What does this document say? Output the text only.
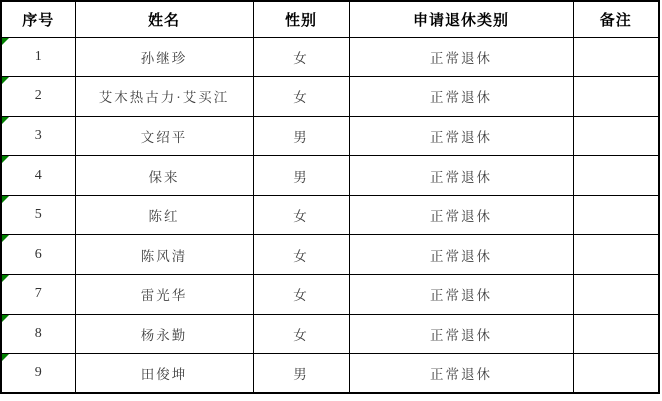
序号	姓名	性别	申请退休类别	备注

1	孙继珍	女	正常退休	

2	艾木热古力·艾买江	女	正常退休	

3	文绍平	男	正常退休	

4	保来	男	正常退休	

5	陈红	女	正常退休	

6	陈风清	女	正常退休	

7	雷光华	女	正常退休	

8	杨永勤	女	正常退休	

9	田俊坤	男	正常退休	
